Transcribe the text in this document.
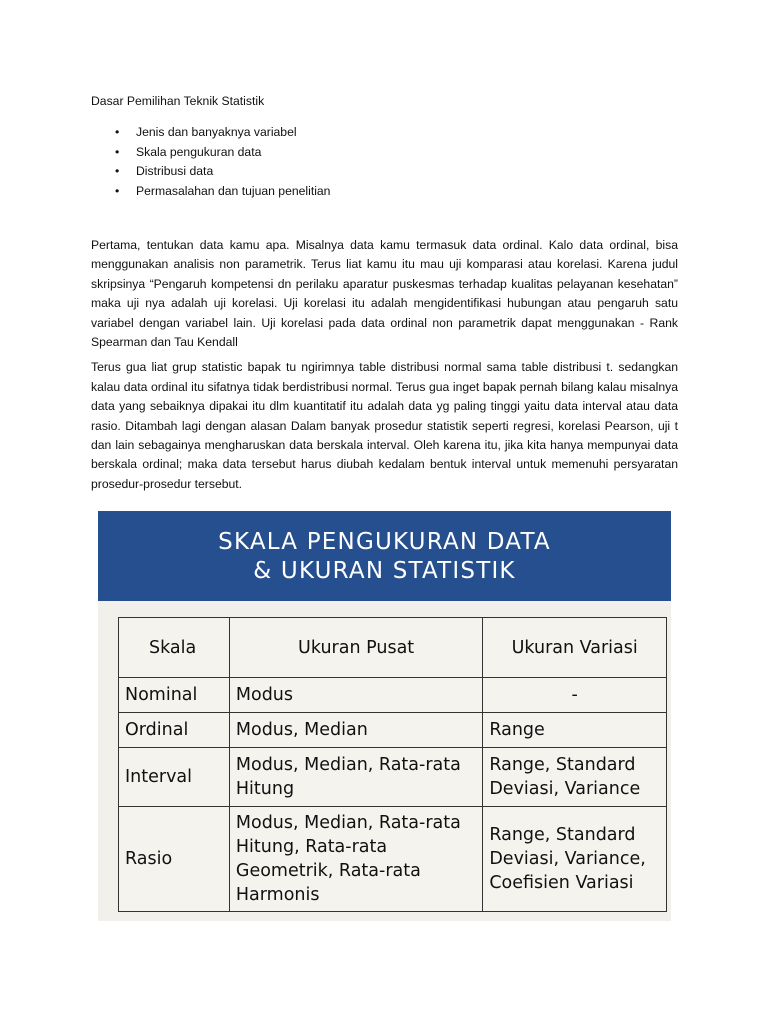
Dasar Pemilihan Teknik Statistik

• Jenis dan banyaknya variabel
• Skala pengukuran data
• Distribusi data
• Permasalahan dan tujuan penelitian

Pertama, tentukan data kamu apa. Misalnya data kamu termasuk data ordinal. Kalo data ordinal, bisa menggunakan analisis non parametrik. Terus liat kamu itu mau uji komparasi atau korelasi. Karena judul skripsinya “Pengaruh kompetensi dn perilaku aparatur puskesmas terhadap kualitas pelayanan kesehatan” maka uji nya adalah uji korelasi. Uji korelasi itu adalah mengidentifikasi hubungan atau pengaruh satu variabel dengan variabel lain. Uji korelasi pada data ordinal non parametrik dapat menggunakan - Rank Spearman dan Tau Kendall

Terus gua liat grup statistic bapak tu ngirimnya table distribusi normal sama table distribusi t. sedangkan kalau data ordinal itu sifatnya tidak berdistribusi normal. Terus gua inget bapak pernah bilang kalau misalnya data yang sebaiknya dipakai itu dlm kuantitatif itu adalah data yg paling tinggi yaitu data interval atau data rasio. Ditambah lagi dengan alasan Dalam banyak prosedur statistik seperti regresi, korelasi Pearson, uji t dan lain sebagainya mengharuskan data berskala interval. Oleh karena itu, jika kita hanya mempunyai data berskala ordinal; maka data tersebut harus diubah kedalam bentuk interval untuk memenuhi persyaratan prosedur-prosedur tersebut.

SKALA PENGUKURAN DATA
& UKURAN STATISTIK
Skala	Ukuran Pusat	Ukuran Variasi
Nominal	Modus	-
Ordinal	Modus, Median	Range
Interval	Modus, Median, Rata-rata Hitung	Range, Standard Deviasi, Variance
Rasio	Modus, Median, Rata-rata Hitung, Rata-rata Geometrik, Rata-rata Harmonis	Range, Standard Deviasi, Variance, Coefisien Variasi
